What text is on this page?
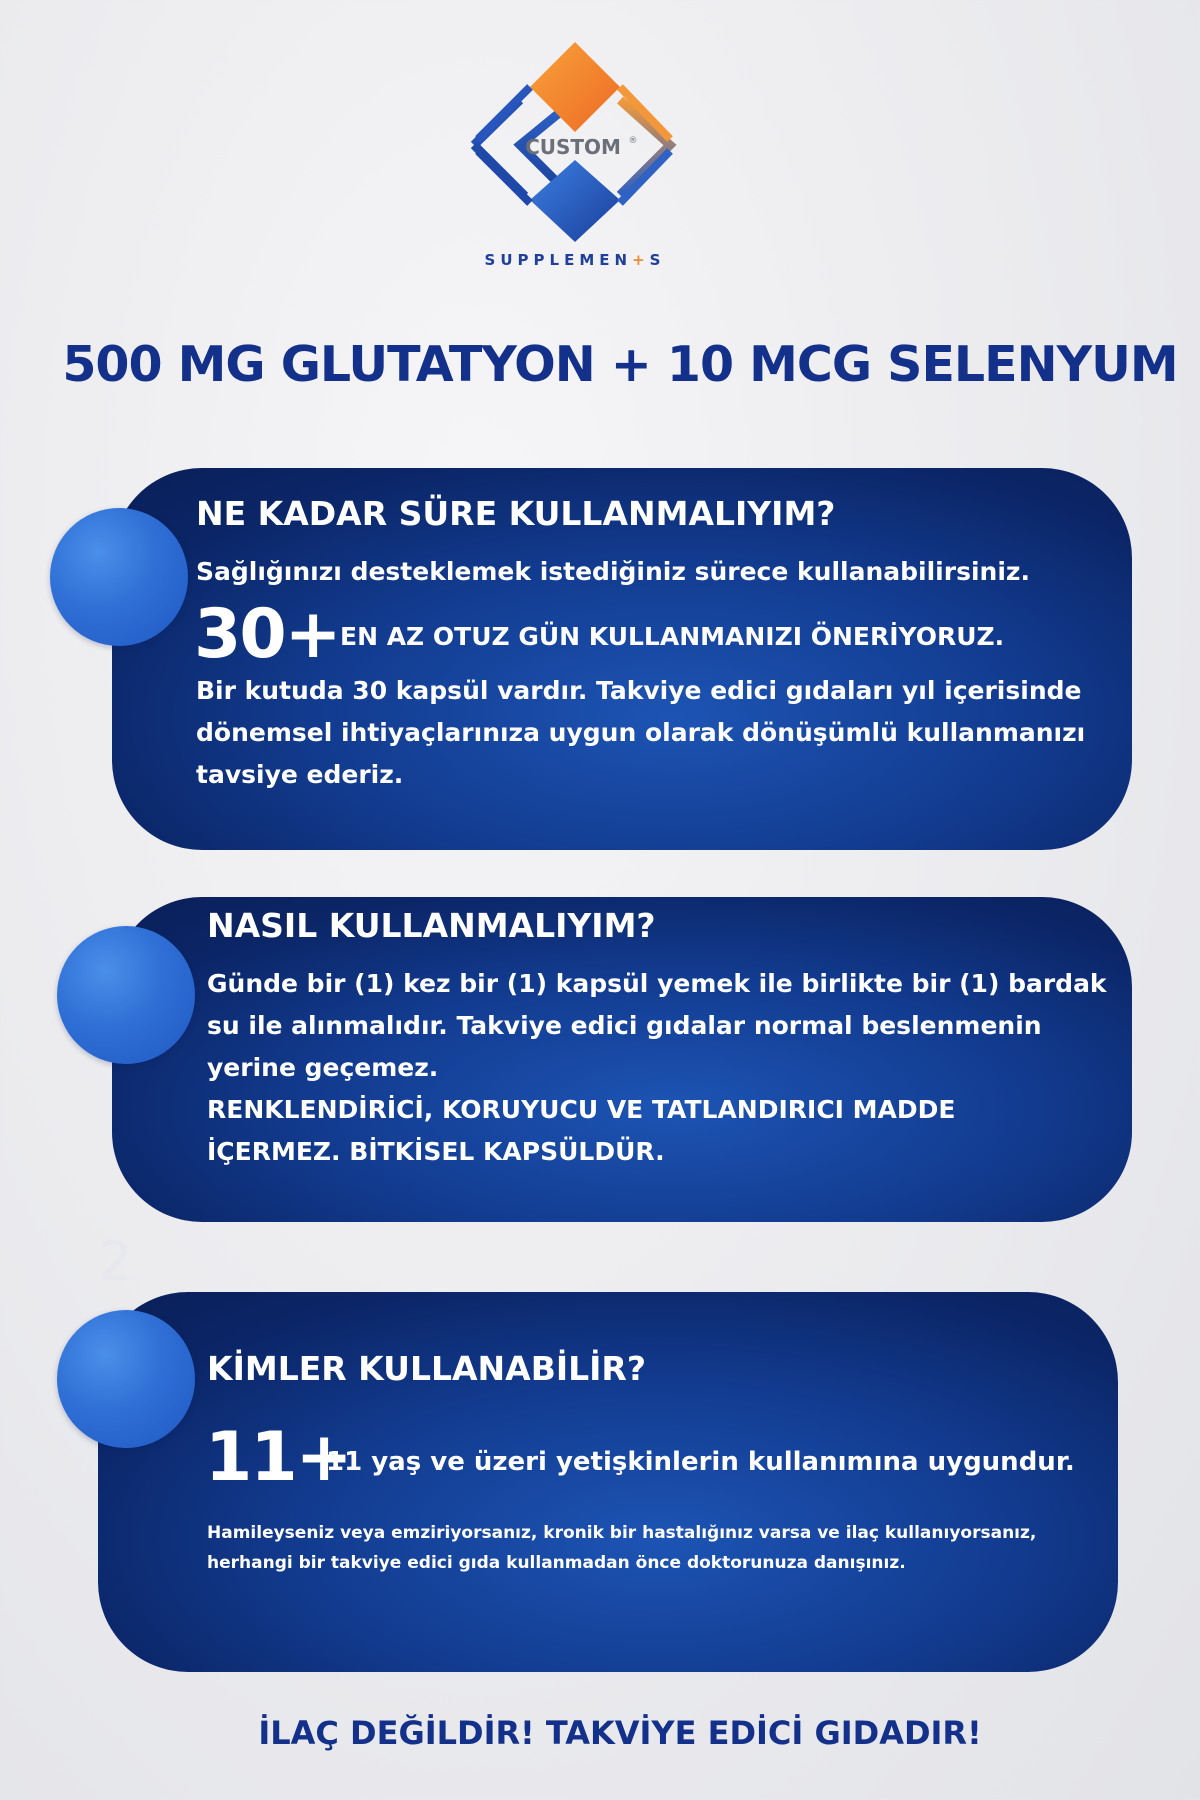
CUSTOM ®
SUPPLEMEN+S
500 MG GLUTATYON + 10 MCG SELENYUM
NE KADAR SÜRE KULLANMALIYIM?
Sağlığınızı desteklemek istediğiniz sürece kullanabilirsiniz.
30+ EN AZ OTUZ GÜN KULLANMANIZI ÖNERİYORUZ.
Bir kutuda 30 kapsül vardır. Takviye edici gıdaları yıl içerisinde
dönemsel ihtiyaçlarınıza uygun olarak dönüşümlü kullanmanızı
tavsiye ederiz.
NASIL KULLANMALIYIM?
Günde bir (1) kez bir (1) kapsül yemek ile birlikte bir (1) bardak
su ile alınmalıdır. Takviye edici gıdalar normal beslenmenin
yerine geçemez.
RENKLENDİRİCİ, KORUYUCU VE TATLANDIRICI MADDE
İÇERMEZ. BİTKİSEL KAPSÜLDÜR.
2
KİMLER KULLANABİLİR?
11+
11 yaş ve üzeri yetişkinlerin kullanımına uygundur.
Hamileyseniz veya emziriyorsanız, kronik bir hastalığınız varsa ve ilaç kullanıyorsanız,
herhangi bir takviye edici gıda kullanmadan önce doktorunuza danışınız.
İLAÇ DEĞİLDİR! TAKVİYE EDİCİ GIDADIR!
